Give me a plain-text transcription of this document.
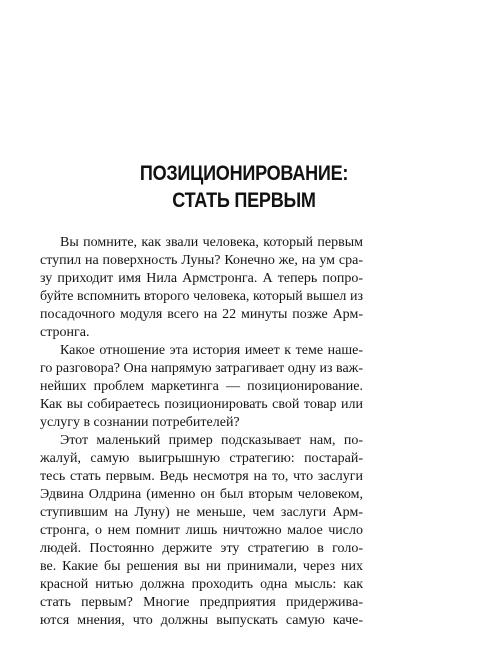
ПОЗИЦИОНИРОВАНИЕ:
СТАТЬ ПЕРВЫМ
Вы помните, как звали человека, который первым
ступил на поверхность Луны? Конечно же, на ум сра-
зу приходит имя Нила Армстронга. А теперь попро-
буйте вспомнить второго человека, который вышел из
посадочного модуля всего на 22 минуты позже Арм-
стронга.
Какое отношение эта история имеет к теме наше-
го разговора? Она напрямую затрагивает одну из важ-
нейших проблем маркетинга — позиционирование.
Как вы собираетесь позиционировать свой товар или
услугу в сознании потребителей?
Этот маленький пример подсказывает нам, по-
жалуй, самую выигрышную стратегию: постарай-
тесь стать первым. Ведь несмотря на то, что заслуги
Эдвина Олдрина (именно он был вторым человеком,
ступившим на Луну) не меньше, чем заслуги Арм-
стронга, о нем помнит лишь ничтожно малое число
людей. Постоянно держите эту стратегию в голо-
ве. Какие бы решения вы ни принимали, через них
красной нитью должна проходить одна мысль: как
стать первым? Многие предприятия придерживa-
ются мнения, что должны выпускать самую каче-
